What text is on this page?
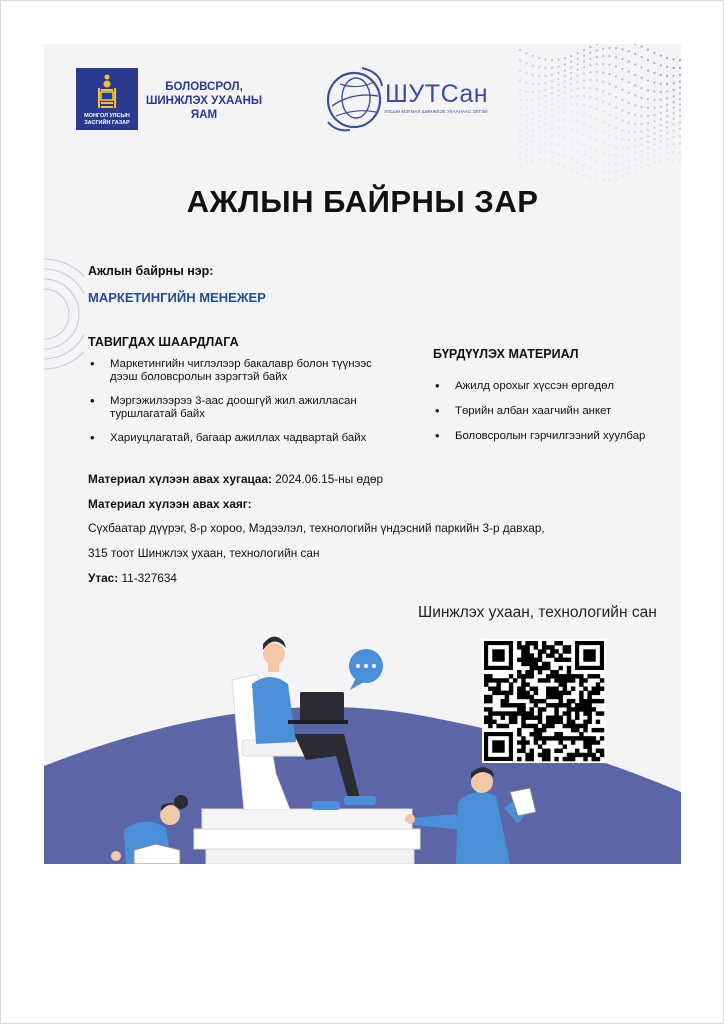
МОНГОЛ УЛСЫН
ЗАСГИЙН ГАЗАР
БОЛОВСРОЛ,
ШИНЖЛЭХ УХААНЫ
ЯАМ
ШУТСан
УЛСЫН МЭГМАЛ ШИНЖЛЭХ УХААНААС ЭХТЭЙ
АЖЛЫН БАЙРНЫ ЗАР
Ажлын байрны нэр:
МАРКЕТИНГИЙН МЕНЕЖЕР
ТАВИГДАХ ШААРДЛАГА
• Маркетингийн чиглэлээр бакалавр болон түүнээс дээш боловсролын зэрэгтэй байх
• Мэргэжилээрээ 3-аас доошгүй жил ажилласан туршлагатай байх
• Хариуцлагатай, багаар ажиллах чадвартай байх
БҮРДҮҮЛЭХ МАТЕРИАЛ
• Ажилд орохыг хүссэн өргөдөл
• Төрийн албан хаагчийн анкет
• Боловсролын гэрчилгээний хуулбар
Материал хүлээн авах хугацаа: 2024.06.15-ны өдөр
Материал хүлээн авах хаяг:
Сүхбаатар дүүрэг, 8-р хороо, Мэдээлэл, технологийн үндэсний паркийн 3-р давхар,
315 тоот Шинжлэх ухаан, технологийн сан
Утас: 11-327634
Шинжлэх ухаан, технологийн сан
